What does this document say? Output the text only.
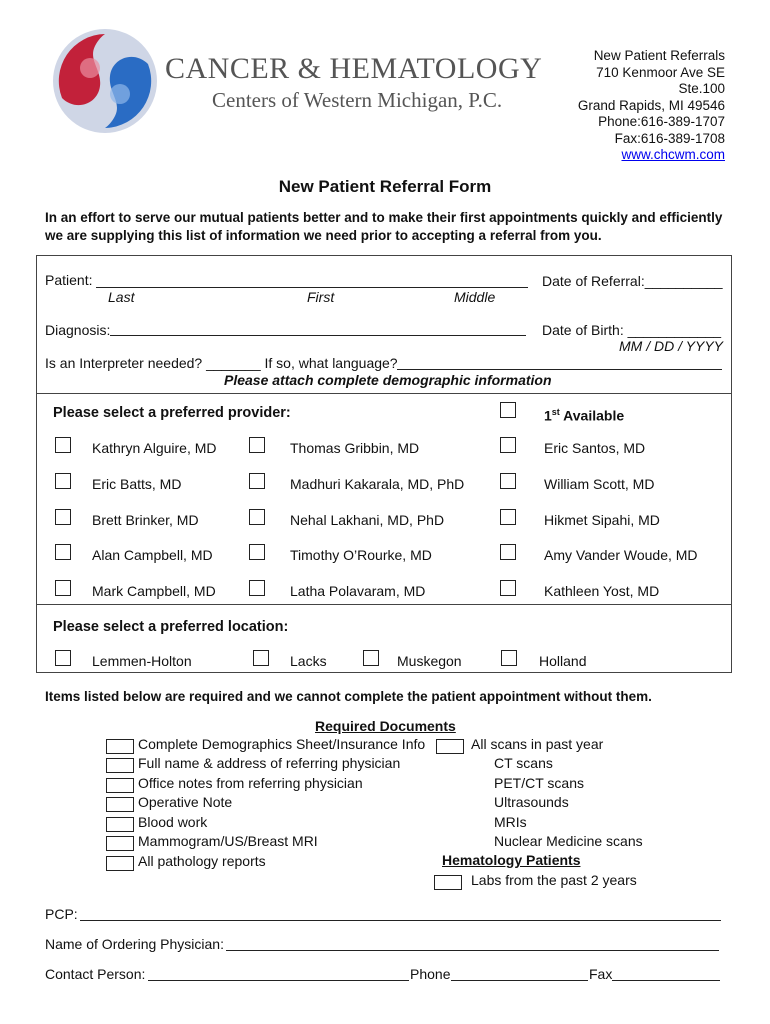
CANCER & HEMATOLOGY
Centers of Western Michigan, P.C.
New Patient Referrals
710 Kenmoor Ave SE
Ste.100
Grand Rapids, MI 49546
Phone:616-389-1707
Fax:616-389-1708
www.chcwm.com
New Patient Referral Form
In an effort to serve our mutual patients better and to make their first appointments quickly and efficiently we are supplying this list of information we need prior to accepting a referral from you.
Patient:
Last	First	Middle
Date of Referral:__________
Diagnosis:	Date of Birth: ____________
MM / DD / YYYY
Is an Interpreter needed? _______ If so, what language?
Please attach complete demographic information
Please select a preferred provider:	1st Available
Kathryn Alguire, MD	Thomas Gribbin, MD	Eric Santos, MD
Eric Batts, MD	Madhuri Kakarala, MD, PhD	William Scott, MD
Brett Brinker, MD	Nehal Lakhani, MD, PhD	Hikmet Sipahi, MD
Alan Campbell, MD	Timothy O’Rourke, MD	Amy Vander Woude, MD
Mark Campbell, MD	Latha Polavaram, MD	Kathleen Yost, MD
Please select a preferred location:
Lemmen-Holton	Lacks	Muskegon	Holland
Items listed below are required and we cannot complete the patient appointment without them.
Required Documents
Complete Demographics Sheet/Insurance Info
Full name & address of referring physician
Office notes from referring physician
Operative Note
Blood work
Mammogram/US/Breast MRI
All pathology reports
All scans in past year
CT scans
PET/CT scans
Ultrasounds
MRIs
Nuclear Medicine scans
Hematology Patients
Labs from the past 2 years
PCP:
Name of Ordering Physician:
Contact Person:	Phone	Fax
